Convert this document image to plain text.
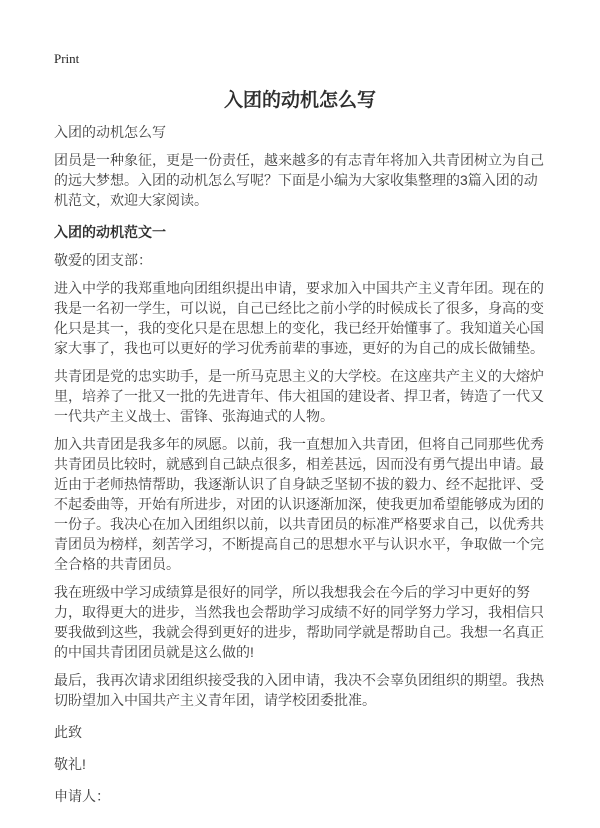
Print
入团的动机怎么写

入团的动机怎么写

团员是一种象征，更是一份责任，越来越多的有志青年将加入共青团树立为自己的远大梦想。入团的动机怎么写呢？下面是小编为大家收集整理的3篇入团的动机范文，欢迎大家阅读。

入团的动机范文一

敬爱的团支部：

进入中学的我郑重地向团组织提出申请，要求加入中国共产主义青年团。现在的我是一名初一学生，可以说，自己已经比之前小学的时候成长了很多，身高的变化只是其一，我的变化只是在思想上的变化，我已经开始懂事了。我知道关心国家大事了，我也可以更好的学习优秀前辈的事迹，更好的为自己的成长做铺垫。

共青团是党的忠实助手，是一所马克思主义的大学校。在这座共产主义的大熔炉里，培养了一批又一批的先进青年、伟大祖国的建设者、捍卫者，铸造了一代又一代共产主义战士、雷锋、张海迪式的人物。

加入共青团是我多年的夙愿。以前，我一直想加入共青团，但将自己同那些优秀共青团员比较时，就感到自己缺点很多，相差甚远，因而没有勇气提出申请。最近由于老师热情帮助，我逐渐认识了自身缺乏坚韧不拔的毅力、经不起批评、受不起委曲等，开始有所进步，对团的认识逐渐加深，使我更加希望能够成为团的一份子。我决心在加入团组织以前，以共青团员的标准严格要求自己，以优秀共青团员为榜样，刻苦学习，不断提高自己的思想水平与认识水平，争取做一个完全合格的共青团员。

我在班级中学习成绩算是很好的同学，所以我想我会在今后的学习中更好的努力，取得更大的进步，当然我也会帮助学习成绩不好的同学努力学习，我相信只要我做到这些，我就会得到更好的进步，帮助同学就是帮助自己。我想一名真正的中国共青团团员就是这么做的!

最后，我再次请求团组织接受我的入团申请，我决不会辜负团组织的期望。我热切盼望加入中国共产主义青年团，请学校团委批准。

此致

敬礼!

申请人：
